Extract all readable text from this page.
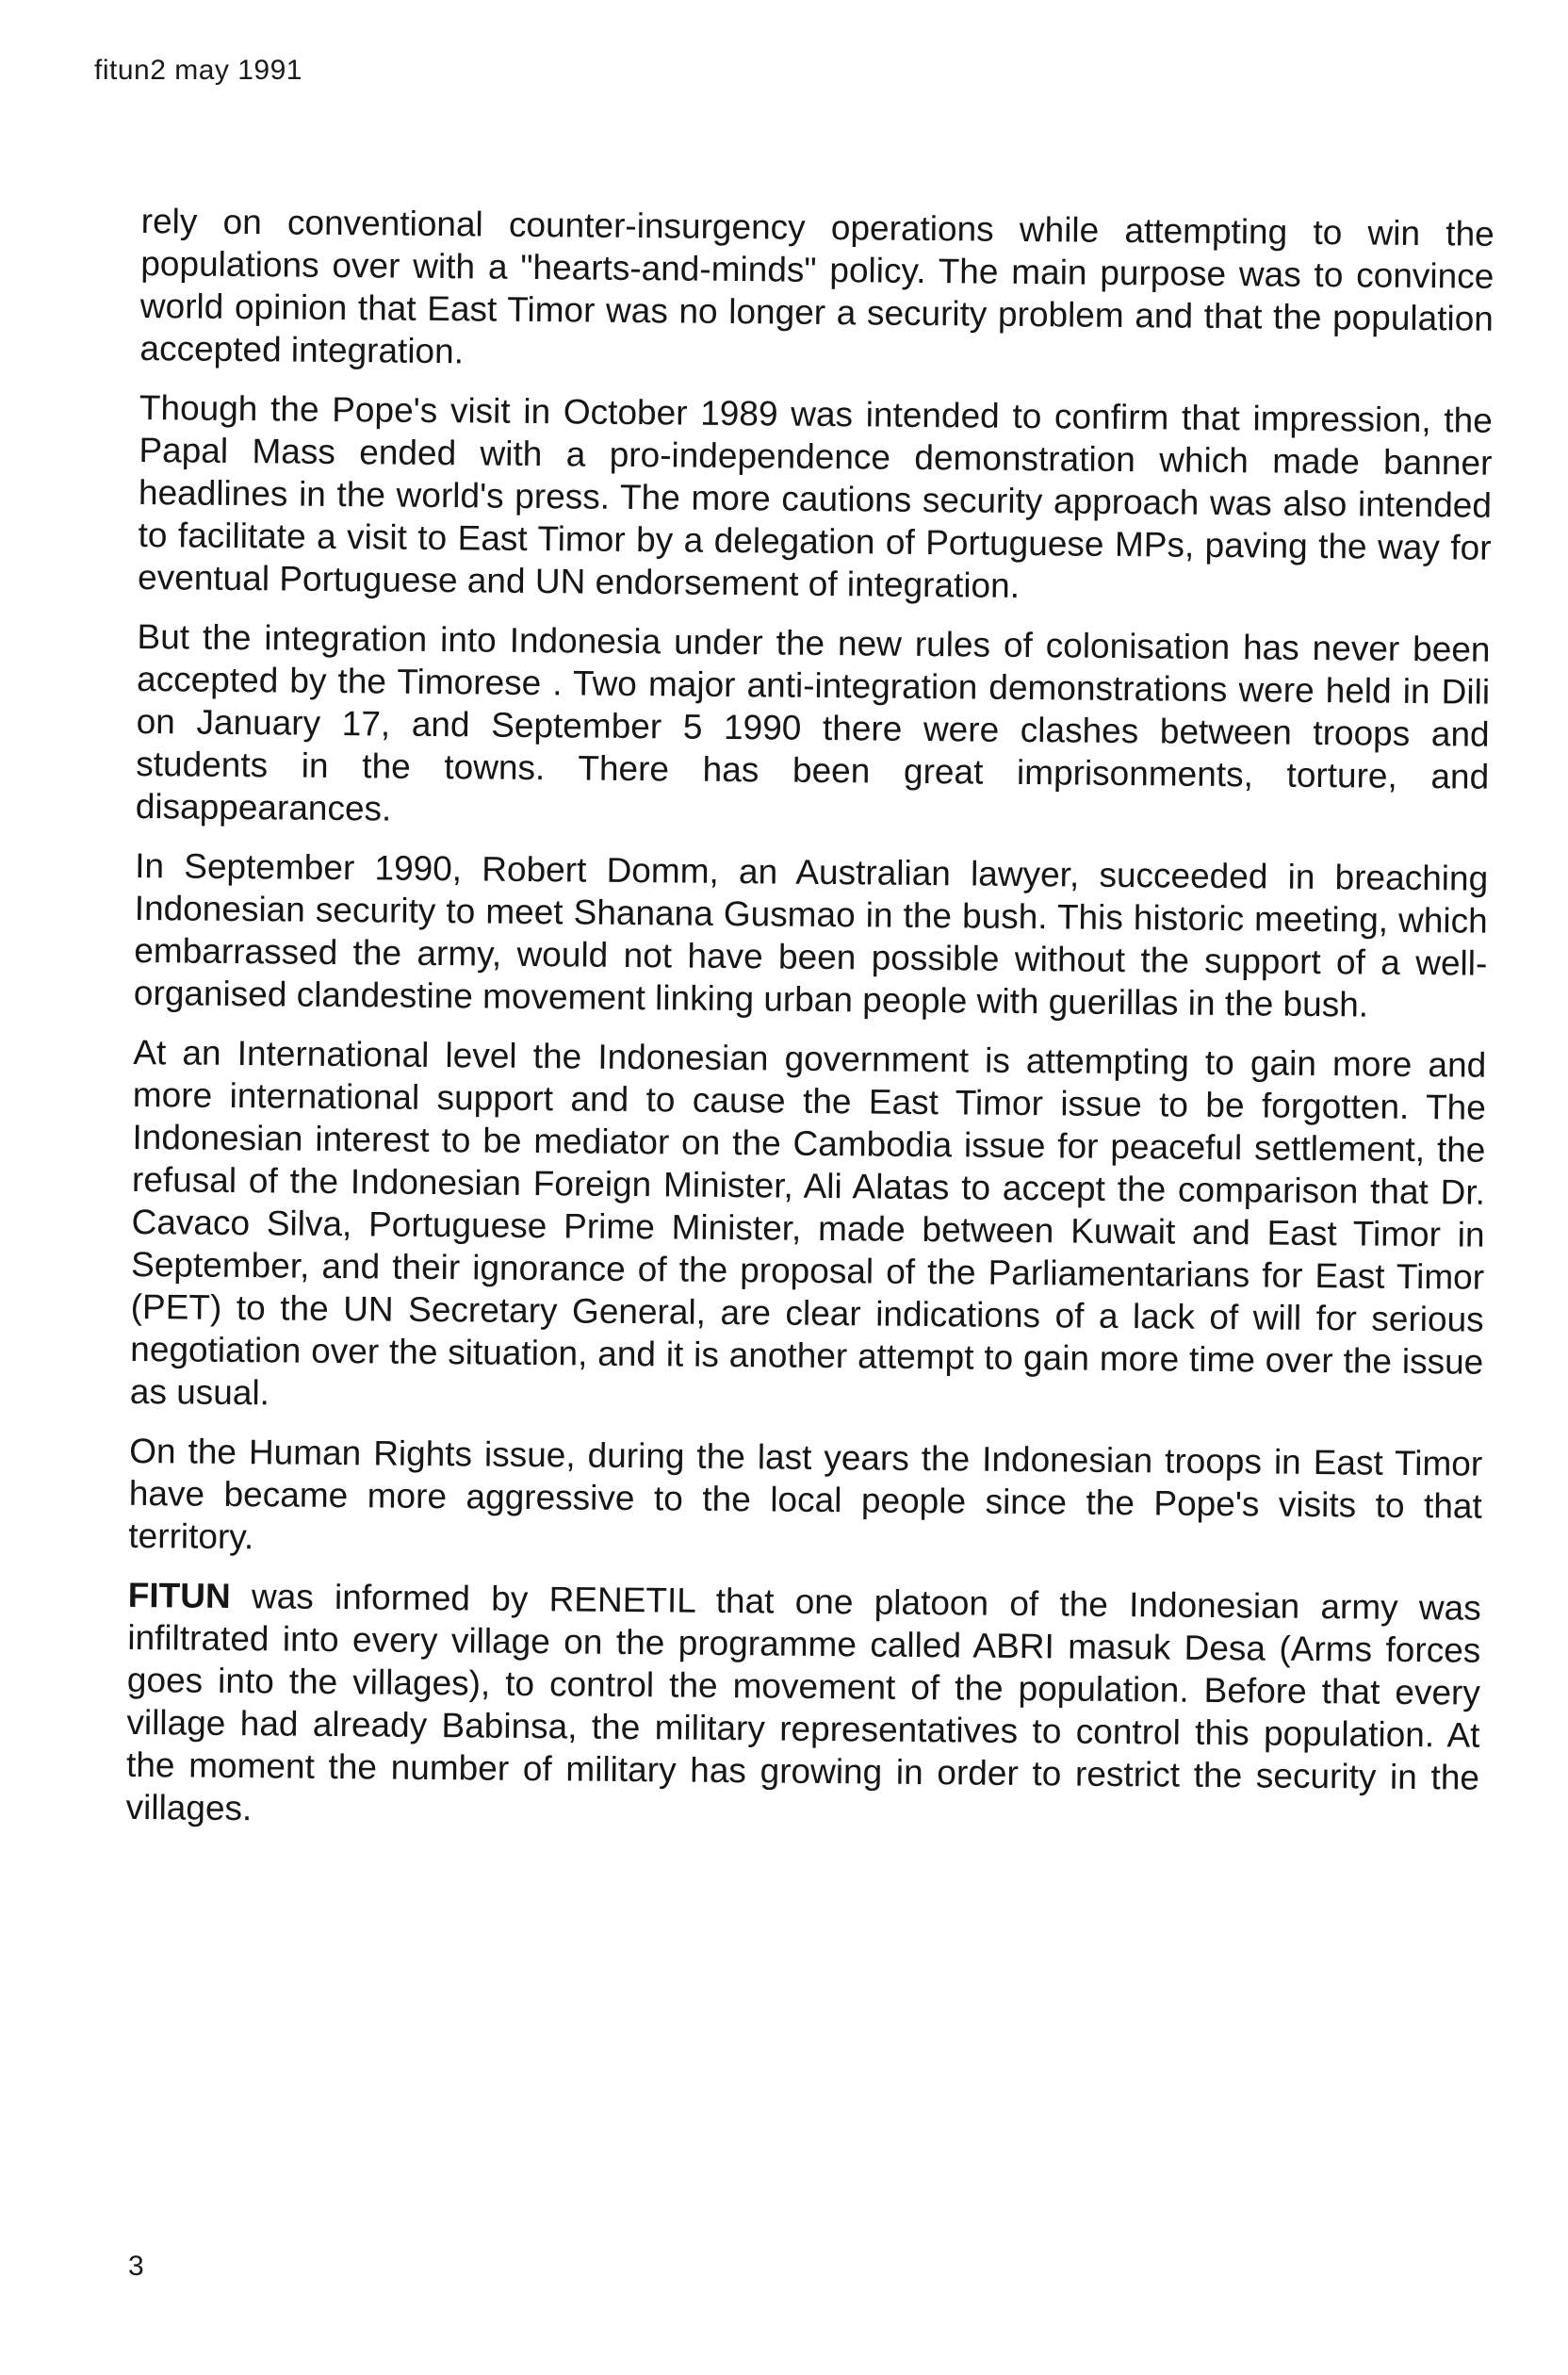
fitun2 may 1991

rely on conventional counter-insurgency operations while attempting to win the populations over with a "hearts-and-minds" policy. The main purpose was to convince world opinion that East Timor was no longer a security problem and that the population accepted integration.

Though the Pope's visit in October 1989 was intended to confirm that impression, the Papal Mass ended with a pro-independence demonstration which made banner headlines in the world's press. The more cautions security approach was also intended to facilitate a visit to East Timor by a delegation of Portuguese MPs, paving the way for eventual Portuguese and UN endorsement of integration.

But the integration into Indonesia under the new rules of colonisation has never been accepted by the Timorese . Two major anti-integration demonstrations were held in Dili on January 17, and September 5 1990 there were clashes between troops and students in the towns. There has been great imprisonments, torture, and disappearances.

In September 1990, Robert Domm, an Australian lawyer, succeeded in breaching Indonesian security to meet Shanana Gusmao in the bush. This historic meeting, which embarrassed the army, would not have been possible without the support of a well-organised clandestine movement linking urban people with guerillas in the bush.

At an International level the Indonesian government is attempting to gain more and more international support and to cause the East Timor issue to be forgotten. The Indonesian interest to be mediator on the Cambodia issue for peaceful settlement, the refusal of the Indonesian Foreign Minister, Ali Alatas to accept the comparison that Dr. Cavaco Silva, Portuguese Prime Minister, made between Kuwait and East Timor in September, and their ignorance of the proposal of the Parliamentarians for East Timor (PET) to the UN Secretary General, are clear indications of a lack of will for serious negotiation over the situation, and it is another attempt to gain more time over the issue as usual.

On the Human Rights issue, during the last years the Indonesian troops in East Timor have became more aggressive to the local people since the Pope's visits to that territory.

FITUN was informed by RENETIL that one platoon of the Indonesian army was infiltrated into every village on the programme called ABRI masuk Desa (Arms forces goes into the villages), to control the movement of the population. Before that every village had already Babinsa, the military representatives to control this population. At the moment the number of military has growing in order to restrict the security in the villages.

3
